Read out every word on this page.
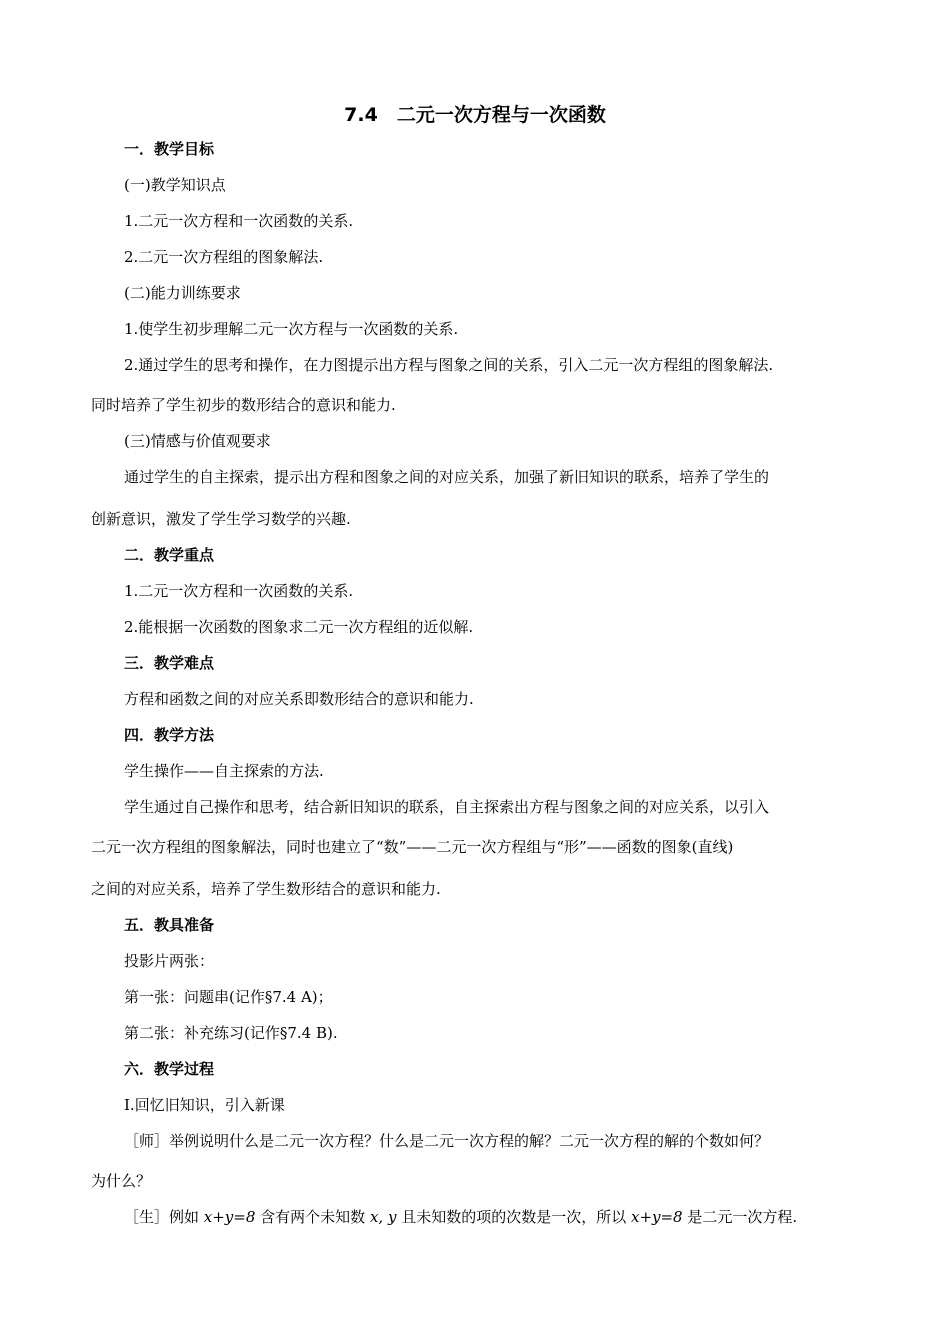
7.4　二元一次方程与一次函数
一．教学目标
(一)教学知识点
1.二元一次方程和一次函数的关系.
2.二元一次方程组的图象解法.
(二)能力训练要求
1.使学生初步理解二元一次方程与一次函数的关系.
2.通过学生的思考和操作，在力图提示出方程与图象之间的关系，引入二元一次方程组的图象解法.
同时培养了学生初步的数形结合的意识和能力.
(三)情感与价值观要求
通过学生的自主探索，提示出方程和图象之间的对应关系，加强了新旧知识的联系，培养了学生的
创新意识，激发了学生学习数学的兴趣.
二．教学重点
1.二元一次方程和一次函数的关系.
2.能根据一次函数的图象求二元一次方程组的近似解.
三．教学难点
方程和函数之间的对应关系即数形结合的意识和能力.
四．教学方法
学生操作——自主探索的方法.
学生通过自己操作和思考，结合新旧知识的联系，自主探索出方程与图象之间的对应关系，以引入
二元一次方程组的图象解法，同时也建立了“数”——二元一次方程组与“形”——函数的图象(直线)
之间的对应关系，培养了学生数形结合的意识和能力.
五．教具准备
投影片两张：
第一张：问题串(记作§7.4 A)；
第二张：补充练习(记作§7.4 B).
六．教学过程
Ⅰ.回忆旧知识，引入新课
［师］举例说明什么是二元一次方程？什么是二元一次方程的解？二元一次方程的解的个数如何？
为什么？
［生］例如 x+y=8 含有两个未知数 x, y 且未知数的项的次数是一次，所以 x+y=8 是二元一次方程.
